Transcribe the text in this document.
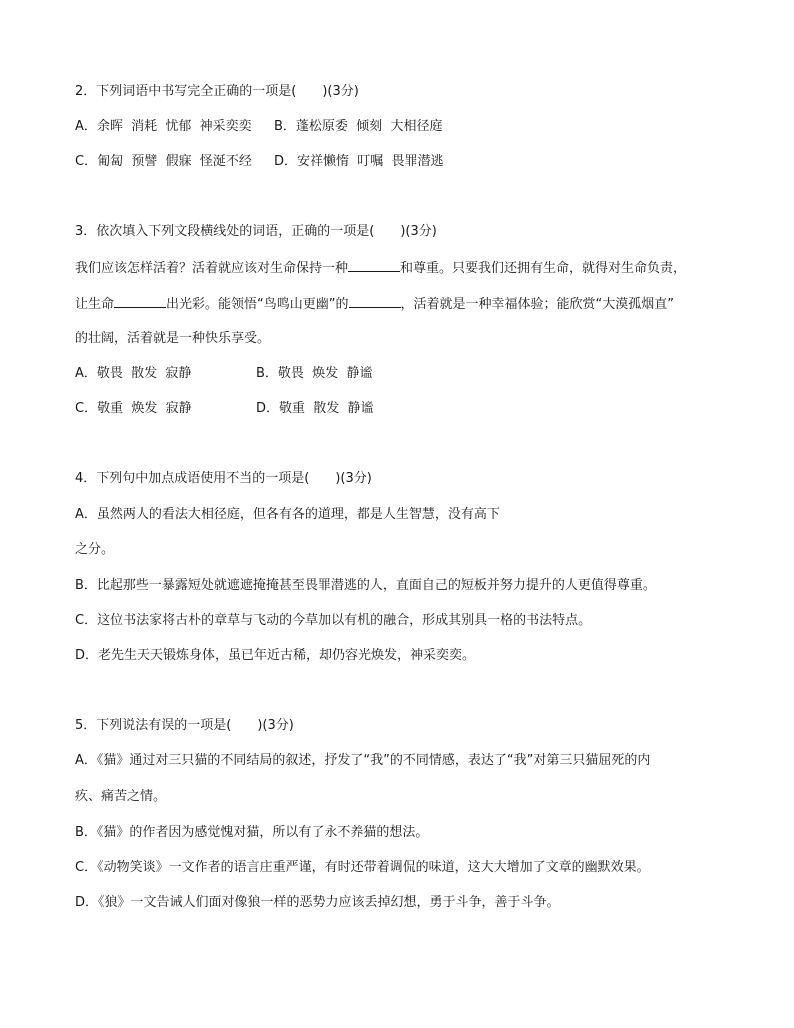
2．下列词语中书写完全正确的一项是(　　)(3分)
A．余晖  消耗  忧郁  神采奕奕 B．蓬松原委  倾刻  大相径庭
C．匍匐  预譬  假寐  怪涎不经 D．安祥懒惰  叮嘱  畏罪潜逃
3．依次填入下列文段横线处的词语，正确的一项是(　　)(3分)
我们应该怎样活着？活着就应该对生命保持一种	和尊重。只要我们还拥有生命，就得对生命负责，
让生命	出光彩。能领悟“鸟鸣山更幽”的	，活着就是一种幸福体验；能欣赏“大漠孤烟直”
的壮阔，活着就是一种快乐享受。
A．敬畏  散发  寂静	B．敬畏  焕发  静谧
C．敬重  焕发  寂静	D．敬重  散发  静谧
4．下列句中加点成语使用不当的一项是(　　)(3分)
A．虽然两人的看法大相径庭，但各有各的道理，都是人生智慧，没有高下
之分。
B．比起那些一暴露短处就遮遮掩掩甚至畏罪潜逃的人，直面自己的短板并努力提升的人更值得尊重。
C．这位书法家将古朴的章草与飞动的今草加以有机的融合，形成其别具一格的书法特点。
D．老先生天天锻炼身体，虽已年近古稀，却仍容光焕发，神采奕奕。
5．下列说法有误的一项是(　　)(3分)
A．《猫》通过对三只猫的不同结局的叙述，抒发了“我”的不同情感，表达了“我”对第三只猫屈死的内
疚、痛苦之情。
B．《猫》的作者因为感觉愧对猫，所以有了永不养猫的想法。
C．《动物笑谈》一文作者的语言庄重严谨，有时还带着调侃的味道，这大大增加了文章的幽默效果。
D．《狼》一文告诫人们面对像狼一样的恶势力应该丢掉幻想，勇于斗争，善于斗争。
